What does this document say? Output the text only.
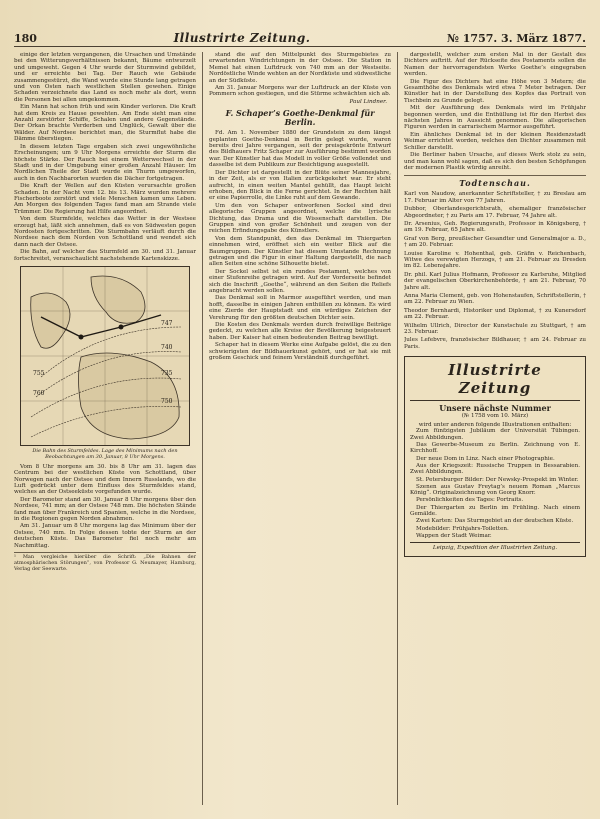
180	Illustrirte Zeitung.	№ 1757. 3. März 1877.

einige der letzten vergangenen, die Ursachen und Umstände bei den Witterungsverhältnissen bekannt, Bäume entwurzelt und umgeweht. Gegen 4 Uhr wurde der Sturmwind gebildet, und er erreichte bei Tag. Der Rauch wie Gebäude zusammengestürzt, die Wand wurde eine Stunde lang getragen und von Osten nach westlichen Stellen gewehen. Einige Schaden verzeichnete das Land es noch mehr als dort, wenn die Personen bei allen umgekommen.

Ein Mann hat schon früh und sein Kinder verloren. Die Kraft hat dem Kreis zu Hause gewehten. Am Ende sieht man eine Anzahl zerstörter Schiffe, Schalen und andere Gegenstände. Der Orkan brachte Verderben und Unglück, Gewalt über die Wälder. Auf Nordsee berichtet man, die Sturmflut habe die Dämme überstiegen.

In diesem letzten Tage ergaben sich zwei ungewöhnliche Erscheinungen; um 9 Uhr Morgens erreichte der Sturm die höchste Stärke. Der Rauch bei einem Wetterwechsel in der Stadt und in der Umgebung einer großen Anzahl Häuser. Im Nordlichen Theile der Stadt wurde ein Thurm umgeworfen, auch in den Nachbarorten wurden die Dächer fortgetragen.

Die Kraft der Wellen auf den Küsten verursachte großen Schaden. In der Nacht vom 12. bis 13. März wurden mehrere Fischerboote zerstört und viele Menschen kamen ums Leben. Am Morgen des folgenden Tages fand man am Strande viele Trümmer. Die Regierung hat Hilfe angeordnet.

Von dem Sturmfelde, welches das Wetter in der Westsee erzeugt hat, läßt sich annehmen, daß es von Südwesten gegen Nordosten fortgeschritten. Die Sturmbahn verläuft durch die Nordsee nach dem Norden von Schottland und wendet sich dann nach der Ostsee.

Die Bahn, auf welcher das Sturmfeld am 30. und 31. Januar fortschreitet, veranschaulicht nachstehende Kartenskizze.

747 740 735 750 755 760
Die Bahn des Sturmfeldes. Lage des Minimums nach den Beobachtungen am 30. Januar, 8 Uhr Morgens.

Vom 8 Uhr morgens am 30. bis 8 Uhr am 31. lagen das Centrum bei der westlichen Küste von Schottland, über Norwegen nach der Ostsee und dem Innern Russlands, wo die Luft gedrückt unter dem Einfluss des Sturmfeldes stand, welches an der Ostseeküste vorgefunden wurde.

Der Barometer stand am 30. Januar 8 Uhr morgens über den Nordsee, 741 mm; an der Ostsee 748 mm. Die höchsten Stände fand man über Frankreich und Spanien, welche in die Nordsee, in die Regionen gegen Norden abnahmen.

Am 31. Januar um 8 Uhr morgens lag das Minimum über der Ostsee, 740 mm. In Folge dessen tobte der Sturm an der deutschen Küste. Das Barometer fiel noch mehr am Nachmittag.

¹ Man vergleiche hierüber die Schrift: „Die Bahnen der atmosphärischen Störungen“, von Professor G. Neumayer, Hamburg, Verlag der Seewarte.

stand die auf den Mittelpunkt des Sturmgebietes zu erwartenden Windrichtungen in der Ostsee. Die Station in Memel hat einen Luftdruck von 740 mm an der Westseite. Nordöstliche Winde wehten an der Nordküste und südwestliche an der Südküste.

Am 31. Januar Morgens war der Luftdruck an der Küste von Pommern schon gestiegen, und die Stürme schwächten sich ab.

Paul Lindner.
F. Schaper’s Goethe-Denkmal für Berlin.

Fd. Am 1. November 1880 der Grundstein zu dem längst geplanten Goethe-Denkmal in Berlin gelegt wurde, waren bereits drei Jahre vergangen, seit der preisgekrönte Entwurf des Bildhauers Fritz Schaper zur Ausführung bestimmt worden war. Der Künstler hat das Modell in voller Größe vollendet und dasselbe ist dem Publikum zur Besichtigung ausgestellt.

Der Dichter ist dargestellt in der Blüte seiner Mannesjahre, in der Zeit, als er von Italien zurückgekehrt war. Er steht aufrecht, in einen weiten Mantel gehüllt, das Haupt leicht erhoben, den Blick in die Ferne gerichtet. In der Rechten hält er eine Papierrolle, die Linke ruht auf dem Gewande.

Um den von Schaper entworfenen Sockel sind drei allegorische Gruppen angeordnet, welche die lyrische Dichtung, das Drama und die Wissenschaft darstellen. Die Gruppen sind von großer Schönheit und zeugen von der reichen Erfindungsgabe des Künstlers.

Von dem Standpunkt, den das Denkmal im Thiergarten einnehmen wird, eröffnet sich ein weiter Blick auf die Baumgruppen. Der Künstler hat diesem Umstande Rechnung getragen und die Figur in einer Haltung dargestellt, die nach allen Seiten eine schöne Silhouette bietet.

Der Sockel selbst ist ein rundes Postament, welches von einer Stufenreihe getragen wird. Auf der Vorderseite befindet sich die Inschrift „Goethe“, während an den Seiten die Reliefs angebracht werden sollen.

Das Denkmal soll in Marmor ausgeführt werden, und man hofft, dasselbe in einigen Jahren enthüllen zu können. Es wird eine Zierde der Hauptstadt und ein würdiges Zeichen der Verehrung für den größten deutschen Dichter sein.

Die Kosten des Denkmals werden durch freiwillige Beiträge gedeckt, zu welchen alle Kreise der Bevölkerung beigesteuert haben. Der Kaiser hat einen bedeutenden Beitrag bewilligt.

Schaper hat in diesem Werke eine Aufgabe gelöst, die zu den schwierigsten der Bildhauerkunst gehört, und er hat sie mit großem Geschick und feinem Verständniß durchgeführt.

dargestellt, welcher zum ersten Mal in der Gestalt des Dichters auftritt. Auf der Rückseite des Postaments sollen die Namen der hervorragendsten Werke Goethe’s eingegraben werden.

Die Figur des Dichters hat eine Höhe von 3 Metern; die Gesamthöhe des Denkmals wird etwa 7 Meter betragen. Der Künstler hat in der Darstellung des Kopfes das Portrait von Tischbein zu Grunde gelegt.

Mit der Ausführung des Denkmals wird im Frühjahr begonnen werden, und die Enthüllung ist für den Herbst des nächsten Jahres in Aussicht genommen. Die allegorischen Figuren werden in carrarischem Marmor ausgeführt.

Ein ähnliches Denkmal ist in der kleinen Residenzstadt Weimar errichtet worden, welches den Dichter zusammen mit Schiller darstellt.

Die Berliner haben Ursache, auf dieses Werk stolz zu sein, und man kann wohl sagen, daß es sich den besten Schöpfungen der modernen Plastik würdig anreiht.

Todtenschau.

Karl von Naudow, anerkannter Schriftsteller, † zu Breslau am 17. Februar im Alter von 77 Jahren.

Dubbor, Oberlandesgerichtsrath, ehemaliger französischer Abgeordneter, † zu Paris am 17. Februar, 74 Jahre alt.

Dr. Arsenius, Geh. Regierungsrath, Professor in Königsberg, † am 19. Februar, 65 Jahre alt.

Graf von Berg, preußischer Gesandter und Generalmajor a. D., † am 20. Februar.

Louise Karoline v. Hohenthal, geb. Gräfin v. Reichenbach, Witwe des verewigten Herzogs, † am 21. Februar zu Dresden im 82. Lebensjahre.

Dr. phil. Karl Julius Hofmann, Professor zu Karlsruhe, Mitglied der evangelischen Oberkirchenbehörde, † am 21. Februar, 70 Jahre alt.

Anna Maria Clement, geb. von Hohenstaufen, Schriftstellerin, † am 22. Februar zu Wien.

Theodor Bernhardi, Historiker und Diplomat, † zu Kunersdorf am 22. Februar.

Wilhelm Ullrich, Director der Kunstschule zu Stuttgart, † am 23. Februar.

Jules Lefebvre, französischer Bildhauer, † am 24. Februar zu Paris.

Illustrirte Zeitung
Unsere nächste Nummer
(№ 1758 vom 10. März)
wird unter anderen folgende Illustrationen enthalten:

Zum fünfzigsten Jubiläum der Universität Tübingen. Zwei Abbildungen.

Das Gewerbe-Museum zu Berlin. Zeichnung von E. Kirchhoff.

Der neue Dom in Linz. Nach einer Photographie.

Aus der Kriegszeit: Russische Truppen in Bessarabien. Zwei Abbildungen.

St. Petersburger Bilder: Der Newsky-Prospekt im Winter.

Szenen aus Gustav Freytag’s neuem Roman „Marcus König“. Originalzeichnung von Georg Knorr.

Persönlichkeiten des Tages: Portraits.

Der Thiergarten zu Berlin im Frühling. Nach einem Gemälde.

Zwei Karten: Das Sturmgebiet an der deutschen Küste.

Modebilder: Frühjahrs-Toiletten.

Wappen der Stadt Weimar.

Leipzig, Expedition der Illustrirten Zeitung.
